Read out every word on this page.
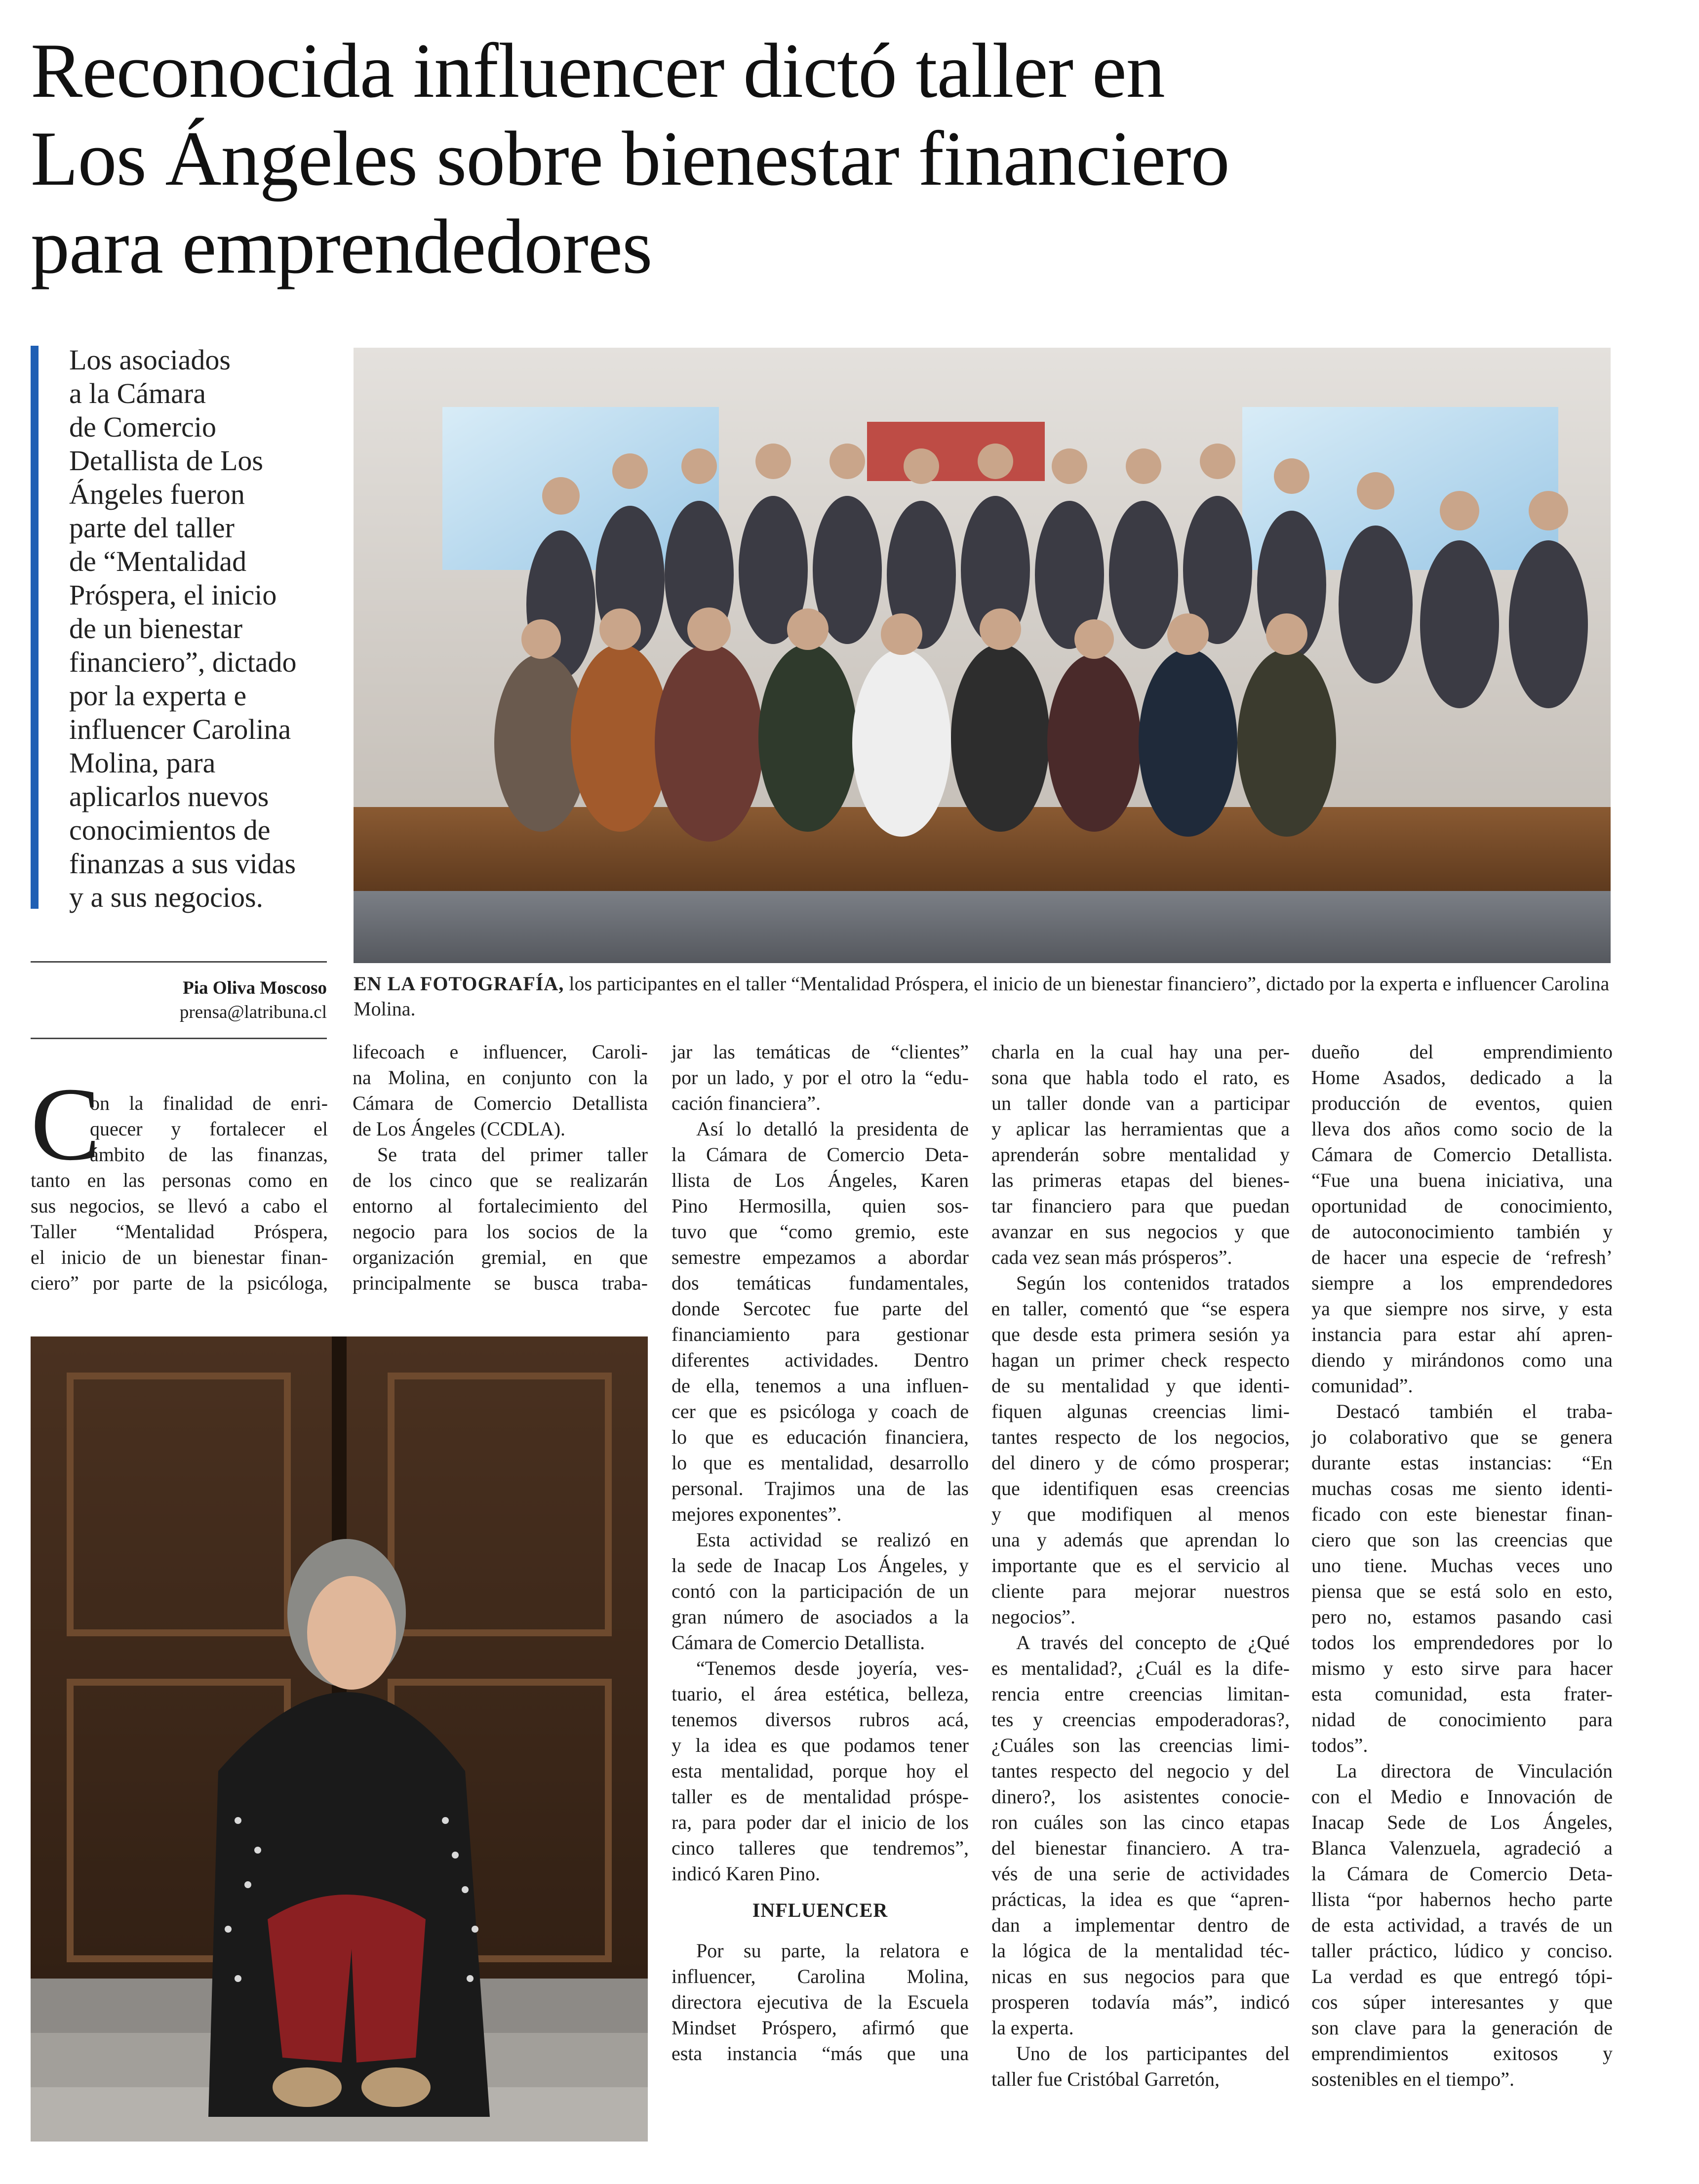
Reconocida influencer dictó taller en
Los Ángeles sobre bienestar financiero
para emprendedores

Los asociados
a la Cámara
de Comercio
Detallista de Los
Ángeles fueron
parte del taller
de “Mentalidad
Próspera, el inicio
de un bienestar
financiero”, dictado
por la experta e
influencer Carolina
Molina, para
aplicarlos nuevos
conocimientos de
finanzas a sus vidas
y a sus negocios.

EN LA FOTOGRAFÍA, los participantes en el taller “Mentalidad Próspera, el inicio de un bienestar financiero”, dictado por la experta e influencer Carolina Molina.

Pia Oliva Moscoso

prensa@latribuna.cl

C
on la finalidad de enri-
quecer y fortalecer el
ámbito de las finanzas,
tanto en las personas como en
sus negocios, se llevó a cabo el
Taller “Mentalidad Próspera,
el inicio de un bienestar finan-
ciero” por parte de la psicóloga,
lifecoach e influencer, Caroli-
na Molina, en conjunto con la
Cámara de Comercio Detallista
de Los Ángeles (CCDLA).
Se trata del primer taller
de los cinco que se realizarán
entorno al fortalecimiento del
negocio para los socios de la
organización gremial, en que
principalmente se busca traba-
jar las temáticas de “clientes”
por un lado, y por el otro la “edu-
cación financiera”.
Así lo detalló la presidenta de
la Cámara de Comercio Deta-
llista de Los Ángeles, Karen
Pino Hermosilla, quien sos-
tuvo que “como gremio, este
semestre empezamos a abordar
dos temáticas fundamentales,
donde Sercotec fue parte del
financiamiento para gestionar
diferentes actividades. Dentro
de ella, tenemos a una influen-
cer que es psicóloga y coach de
lo que es educación financiera,
lo que es mentalidad, desarrollo
personal. Trajimos una de las
mejores exponentes”.
Esta actividad se realizó en
la sede de Inacap Los Ángeles, y
contó con la participación de un
gran número de asociados a la
Cámara de Comercio Detallista.
“Tenemos desde joyería, ves-
tuario, el área estética, belleza,
tenemos diversos rubros acá,
y la idea es que podamos tener
esta mentalidad, porque hoy el
taller es de mentalidad próspe-
ra, para poder dar el inicio de los
cinco talleres que tendremos”,
indicó Karen Pino.
INFLUENCER
Por su parte, la relatora e
influencer, Carolina Molina,
directora ejecutiva de la Escuela
Mindset Próspero, afirmó que
esta instancia “más que una
charla en la cual hay una per-
sona que habla todo el rato, es
un taller donde van a participar
y aplicar las herramientas que a
aprenderán sobre mentalidad y
las primeras etapas del bienes-
tar financiero para que puedan
avanzar en sus negocios y que
cada vez sean más prósperos”.
Según los contenidos tratados
en taller, comentó que “se espera
que desde esta primera sesión ya
hagan un primer check respecto
de su mentalidad y que identi-
fiquen algunas creencias limi-
tantes respecto de los negocios,
del dinero y de cómo prosperar;
que identifiquen esas creencias
y que modifiquen al menos
una y además que aprendan lo
importante que es el servicio al
cliente para mejorar nuestros
negocios”.
A través del concepto de ¿Qué
es mentalidad?, ¿Cuál es la dife-
rencia entre creencias limitan-
tes y creencias empoderadoras?,
¿Cuáles son las creencias limi-
tantes respecto del negocio y del
dinero?, los asistentes conocie-
ron cuáles son las cinco etapas
del bienestar financiero. A tra-
vés de una serie de actividades
prácticas, la idea es que “apren-
dan a implementar dentro de
la lógica de la mentalidad téc-
nicas en sus negocios para que
prosperen todavía más”, indicó
la experta.
Uno de los participantes del
taller fue Cristóbal Garretón,
dueño del emprendimiento
Home Asados, dedicado a la
producción de eventos, quien
lleva dos años como socio de la
Cámara de Comercio Detallista.
“Fue una buena iniciativa, una
oportunidad de conocimiento,
de autoconocimiento también y
de hacer una especie de ‘refresh’
siempre a los emprendedores
ya que siempre nos sirve, y esta
instancia para estar ahí apren-
diendo y mirándonos como una
comunidad”.
Destacó también el traba-
jo colaborativo que se genera
durante estas instancias: “En
muchas cosas me siento identi-
ficado con este bienestar finan-
ciero que son las creencias que
uno tiene. Muchas veces uno
piensa que se está solo en esto,
pero no, estamos pasando casi
todos los emprendedores por lo
mismo y esto sirve para hacer
esta comunidad, esta frater-
nidad de conocimiento para
todos”.
La directora de Vinculación
con el Medio e Innovación de
Inacap Sede de Los Ángeles,
Blanca Valenzuela, agradeció a
la Cámara de Comercio Deta-
llista “por habernos hecho parte
de esta actividad, a través de un
taller práctico, lúdico y conciso.
La verdad es que entregó tópi-
cos súper interesantes y que
son clave para la generación de
emprendimientos exitosos y
sostenibles en el tiempo”.
